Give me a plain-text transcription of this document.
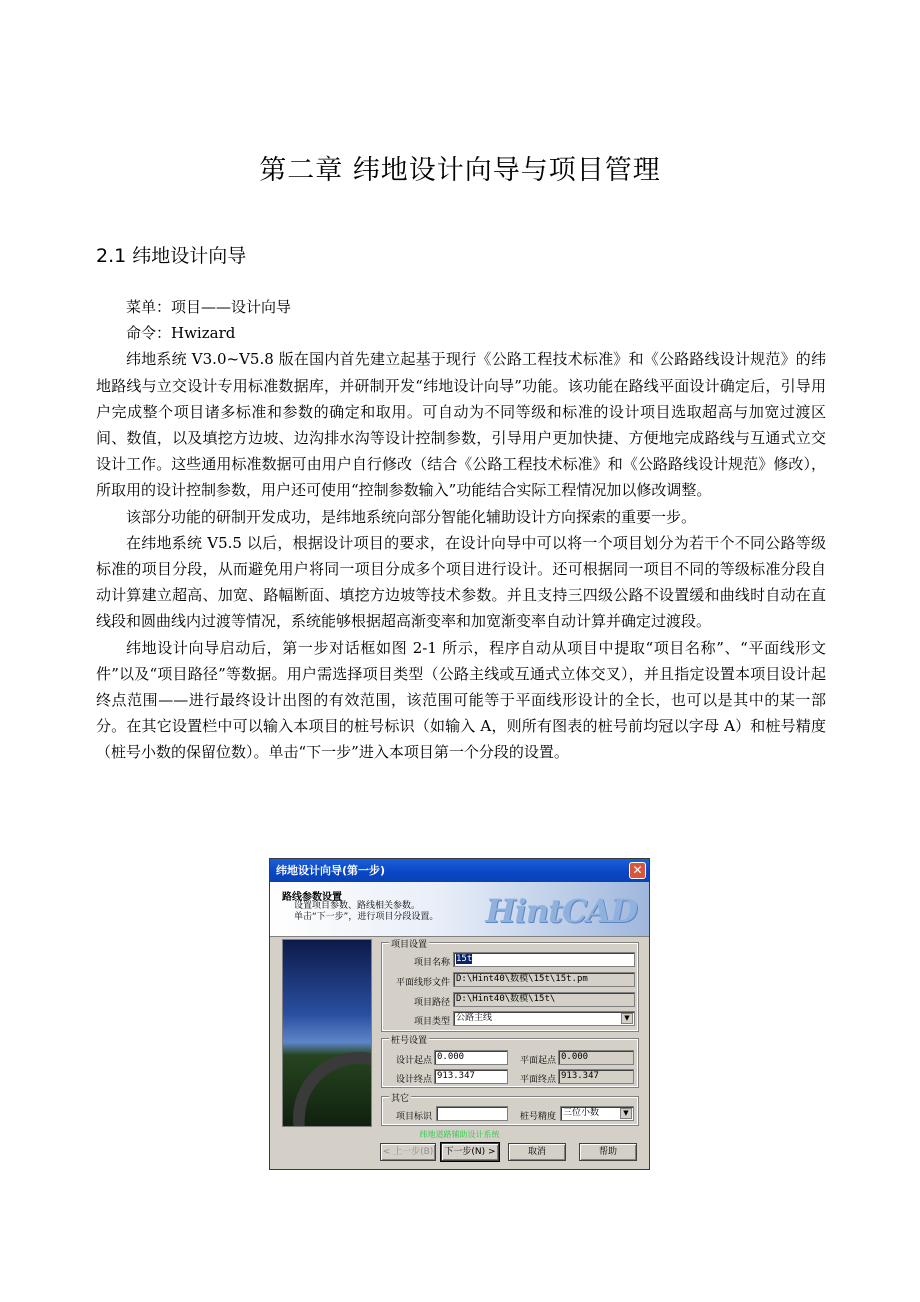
第二章 纬地设计向导与项目管理
2.1 纬地设计向导

菜单：项目——设计向导

命令：Hwizard

纬地系统 V3.0~V5.8 版在国内首先建立起基于现行《公路工程技术标准》和《公路路线设计规范》的纬地路线与立交设计专用标准数据库，并研制开发“纬地设计向导”功能。该功能在路线平面设计确定后，引导用户完成整个项目诸多标准和参数的确定和取用。可自动为不同等级和标准的设计项目选取超高与加宽过渡区间、数值，以及填挖方边坡、边沟排水沟等设计控制参数，引导用户更加快捷、方便地完成路线与互通式立交设计工作。这些通用标准数据可由用户自行修改（结合《公路工程技术标准》和《公路路线设计规范》修改），所取用的设计控制参数，用户还可使用“控制参数输入”功能结合实际工程情况加以修改调整。

该部分功能的研制开发成功，是纬地系统向部分智能化辅助设计方向探索的重要一步。

在纬地系统 V5.5 以后，根据设计项目的要求，在设计向导中可以将一个项目划分为若干个不同公路等级标准的项目分段，从而避免用户将同一项目分成多个项目进行设计。还可根据同一项目不同的等级标准分段自动计算建立超高、加宽、路幅断面、填挖方边坡等技术参数。并且支持三四级公路不设置缓和曲线时自动在直线段和圆曲线内过渡等情况，系统能够根据超高渐变率和加宽渐变率自动计算并确定过渡段。

纬地设计向导启动后，第一步对话框如图 2-1 所示，程序自动从项目中提取“项目名称”、“平面线形文件”以及“项目路径”等数据。用户需选择项目类型（公路主线或互通式立体交叉），并且指定设置本项目设计起终点范围——进行最终设计出图的有效范围，该范围可能等于平面线形设计的全长，也可以是其中的某一部分。在其它设置栏中可以输入本项目的桩号标识（如输入 A，则所有图表的桩号前均冠以字母 A）和桩号精度（桩号小数的保留位数）。单击“下一步”进入本项目第一个分段的设置。

纬地设计向导(第一步)	✕
路线参数设置
设置项目参数、路线相关参数。
单击“下一步”，进行项目分段设置。 HintCAD
项目设置
项目名称 15t
平面线形文件 D:\Hint40\数模\15t\15t.pm
项目路径 D:\Hint40\数模\15t\
项目类型 公路主线	▼
桩号设置
设计起点 0.000	平面起点 0.000
设计终点 913.347	平面终点 913.347
其它
项目标识	桩号精度 三位小数	▼
纬地道路辅助设计系统
< 上一步(B)	下一步(N) >	取消	帮助
